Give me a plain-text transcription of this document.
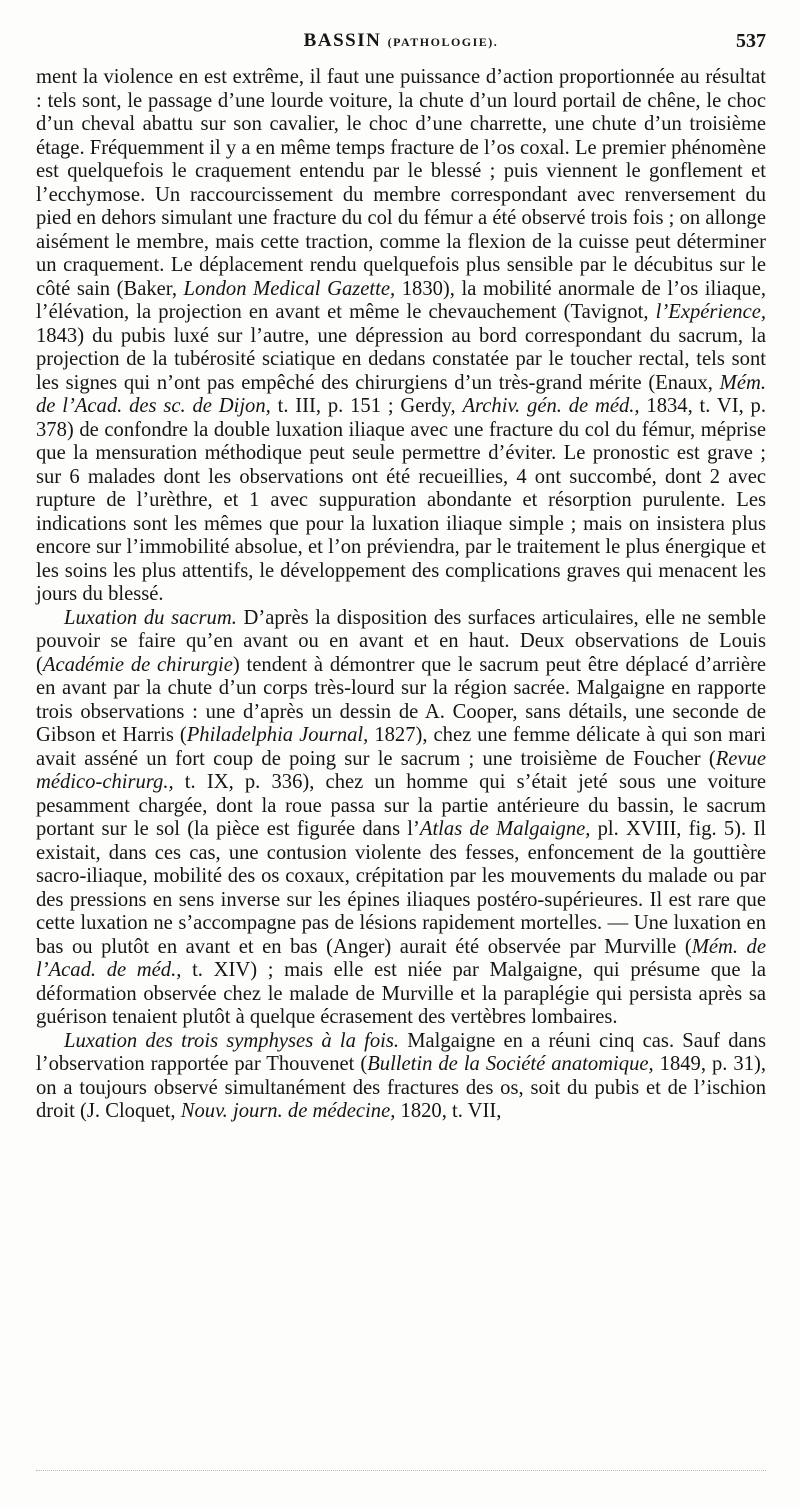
BASSIN (PATHOLOGIE).	537

ment la violence en est extrême, il faut une puissance d’action proportionnée au résultat : tels sont, le passage d’une lourde voiture, la chute d’un lourd portail de chêne, le choc d’un cheval abattu sur son cavalier, le choc d’une charrette, une chute d’un troisième étage. Fréquemment il y a en même temps fracture de l’os coxal. Le premier phénomène est quelquefois le craquement entendu par le blessé ; puis viennent le gonflement et l’ecchymose. Un raccourcissement du membre correspondant avec renversement du pied en dehors simulant une fracture du col du fémur a été observé trois fois ; on allonge aisément le membre, mais cette traction, comme la flexion de la cuisse peut déterminer un craquement. Le déplacement rendu quelquefois plus sensible par le décubitus sur le côté sain (Baker, London Medical Gazette, 1830), la mobilité anormale de l’os iliaque, l’élévation, la projection en avant et même le chevauchement (Tavignot, l’Expérience, 1843) du pubis luxé sur l’autre, une dépression au bord correspondant du sacrum, la projection de la tubérosité sciatique en dedans constatée par le toucher rectal, tels sont les signes qui n’ont pas empêché des chirurgiens d’un très-grand mérite (Enaux, Mém. de l’Acad. des sc. de Dijon, t. III, p. 151 ; Gerdy, Archiv. gén. de méd., 1834, t. VI, p. 378) de confondre la double luxation iliaque avec une fracture du col du fémur, méprise que la mensuration méthodique peut seule permettre d’éviter. Le pronostic est grave ; sur 6 malades dont les observations ont été recueillies, 4 ont succombé, dont 2 avec rupture de l’urèthre, et 1 avec suppuration abondante et résorption purulente. Les indications sont les mêmes que pour la luxation iliaque simple ; mais on insistera plus encore sur l’immobilité absolue, et l’on préviendra, par le traitement le plus énergique et les soins les plus attentifs, le développement des complications graves qui menacent les jours du blessé.

Luxation du sacrum. D’après la disposition des surfaces articulaires, elle ne semble pouvoir se faire qu’en avant ou en avant et en haut. Deux observations de Louis (Académie de chirurgie) tendent à démontrer que le sacrum peut être déplacé d’arrière en avant par la chute d’un corps très-lourd sur la région sacrée. Malgaigne en rapporte trois observations : une d’après un dessin de A. Cooper, sans détails, une seconde de Gibson et Harris (Philadelphia Journal, 1827), chez une femme délicate à qui son mari avait asséné un fort coup de poing sur le sacrum ; une troisième de Foucher (Revue médico-chirurg., t. IX, p. 336), chez un homme qui s’était jeté sous une voiture pesamment chargée, dont la roue passa sur la partie antérieure du bassin, le sacrum portant sur le sol (la pièce est figurée dans l’Atlas de Malgaigne, pl. XVIII, fig. 5). Il existait, dans ces cas, une contusion violente des fesses, enfoncement de la gouttière sacro-iliaque, mobilité des os coxaux, crépitation par les mouvements du malade ou par des pressions en sens inverse sur les épines iliaques postéro-supérieures. Il est rare que cette luxation ne s’accompagne pas de lésions rapidement mortelles. — Une luxation en bas ou plutôt en avant et en bas (Anger) aurait été observée par Murville (Mém. de l’Acad. de méd., t. XIV) ; mais elle est niée par Malgaigne, qui présume que la déformation observée chez le malade de Murville et la paraplégie qui persista après sa guérison tenaient plutôt à quelque écrasement des vertèbres lombaires.

Luxation des trois symphyses à la fois. Malgaigne en a réuni cinq cas. Sauf dans l’observation rapportée par Thouvenet (Bulletin de la Société anatomique, 1849, p. 31), on a toujours observé simultanément des fractures des os, soit du pubis et de l’ischion droit (J. Cloquet, Nouv. journ. de médecine, 1820, t. VII,
